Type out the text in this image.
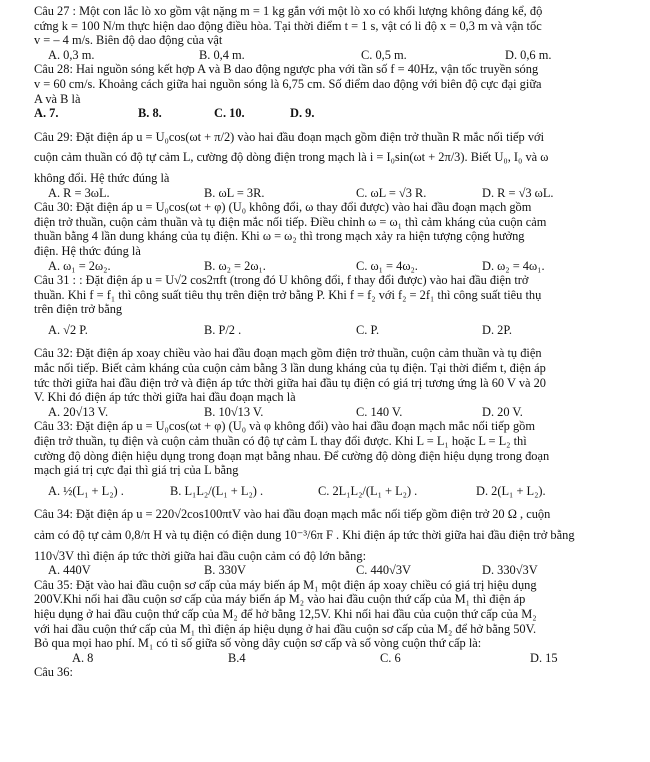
Câu 27 : Một con lắc lò xo gồm vật nặng m = 1 kg gắn với một lò xo có khối lượng không đáng kể, độ

cứng k = 100 N/m thực hiện dao động điều hòa. Tại thời điểm t = 1 s, vật có li độ x = 0,3 m và vận tốc

v = – 4 m/s. Biên độ dao động của vật

A. 0,3 m.	B. 0,4 m.	C. 0,5 m.	D. 0,6 m.

Câu 28: Hai nguồn sóng kết hợp A và B dao động ngược pha với tần số f = 40Hz, vận tốc truyền sóng

v = 60 cm/s. Khoảng cách giữa hai nguồn sóng là 6,75 cm. Số điểm dao động với biên độ cực đại giữa

A và B là

A. 7.	B. 8.	C. 10.	D. 9.

Câu 29: Đặt điện áp u = U₀cos(ωt + π/2) vào hai đầu đoạn mạch gồm điện trở thuần R mắc nối tiếp với

cuộn cảm thuần có độ tự cảm L, cường độ dòng điện trong mạch là i = I₀sin(ωt + 2π/3). Biết U₀, I₀ và ω

không đổi. Hệ thức đúng là

A. R = 3ωL.	B. ωL = 3R.	C. ωL = √3 R.	D. R = √3 ωL.

Câu 30: Đặt điện áp u = U₀cos(ωt + φ) (U₀ không đổi, ω thay đổi được) vào hai đầu đoạn mạch gồm

điện trở thuần, cuộn cảm thuần và tụ điện mắc nối tiếp. Điều chỉnh ω = ω₁ thì cảm kháng của cuộn cảm

thuần bằng 4 lần dung kháng của tụ điện. Khi ω = ω₂ thì trong mạch xảy ra hiện tượng cộng hưởng

điện. Hệ thức đúng là

A. ω₁ = 2ω₂.	B. ω₂ = 2ω₁.	C. ω₁ = 4ω₂.	D. ω₂ = 4ω₁.

Câu 31 : : Đặt điện áp u = U√2 cos2πft (trong đó U không đổi, f thay đổi được) vào hai đầu điện trở

thuần. Khi f = f₁ thì công suất tiêu thụ trên điện trở bằng P. Khi f = f₂ với f₂ = 2f₁ thì công suất tiêu thụ

trên điện trở bằng

A. √2 P.	B. P/2 .	C. P.	D. 2P.

Câu 32: Đặt điện áp xoay chiều vào hai đầu đoạn mạch gồm điện trở thuần, cuộn cảm thuần và tụ điện

mắc nối tiếp. Biết cảm kháng của cuộn cảm bằng 3 lần dung kháng của tụ điện. Tại thời điểm t, điện áp

tức thời giữa hai đầu điện trở và điện áp tức thời giữa hai đầu tụ điện có giá trị tương ứng là 60 V và 20

V. Khi đó điện áp tức thời giữa hai đầu đoạn mạch là

A. 20√13 V.	B. 10√13 V.	C. 140 V.	D. 20 V.

Câu 33: Đặt điện áp u = U₀cos(ωt + φ) (U₀ và φ không đổi) vào hai đầu đoạn mạch mắc nối tiếp gồm

điện trở thuần, tụ điện và cuộn cảm thuần có độ tự cảm L thay đổi được. Khi L = L₁ hoặc L = L₂ thì

cường độ dòng điện hiệu dụng trong đoạn mạt bằng nhau. Để cường độ dòng điện hiệu dụng trong đoạn

mạch giá trị cực đại thì giá trị của L bằng

A. ½(L₁ + L₂) .	B. L₁L₂/(L₁ + L₂) .	C. 2L₁L₂/(L₁ + L₂) .	D. 2(L₁ + L₂).

Câu 34: Đặt điện áp u = 220√2cos100πtV vào hai đầu đoạn mạch mắc nối tiếp gồm điện trở 20 Ω , cuộn

cảm có độ tự cảm 0,8/π H và tụ điện có điện dung 10⁻³/6π F . Khi điện áp tức thời giữa hai đầu điện trở bằng

110√3V thì điện áp tức thời giữa hai đầu cuộn cảm có độ lớn bằng:

A. 440V	B. 330V	C. 440√3V	D. 330√3V

Câu 35: Đặt vào hai đầu cuộn sơ cấp của máy biến áp M₁ một điện áp xoay chiều có giá trị hiệu dụng

200V.Khi nối hai đầu cuộn sơ cấp của máy biến áp M₂ vào hai đầu cuộn thứ cấp của M₁ thì điện áp

hiệu dụng ở hai đầu cuộn thứ cấp của M₂ để hở bằng 12,5V. Khi nối hai đầu của cuộn thứ cấp của M₂

với hai đầu cuộn thứ cấp của M₁ thì điện áp hiệu dụng ở hai đầu cuộn sơ cấp của M₂ để hở bằng 50V.

Bỏ qua mọi hao phí. M₁ có tỉ số giữa số vòng dây cuộn sơ cấp và số vòng cuộn thứ cấp là:

A. 8	B.4	C. 6	D. 15

Câu 36:
